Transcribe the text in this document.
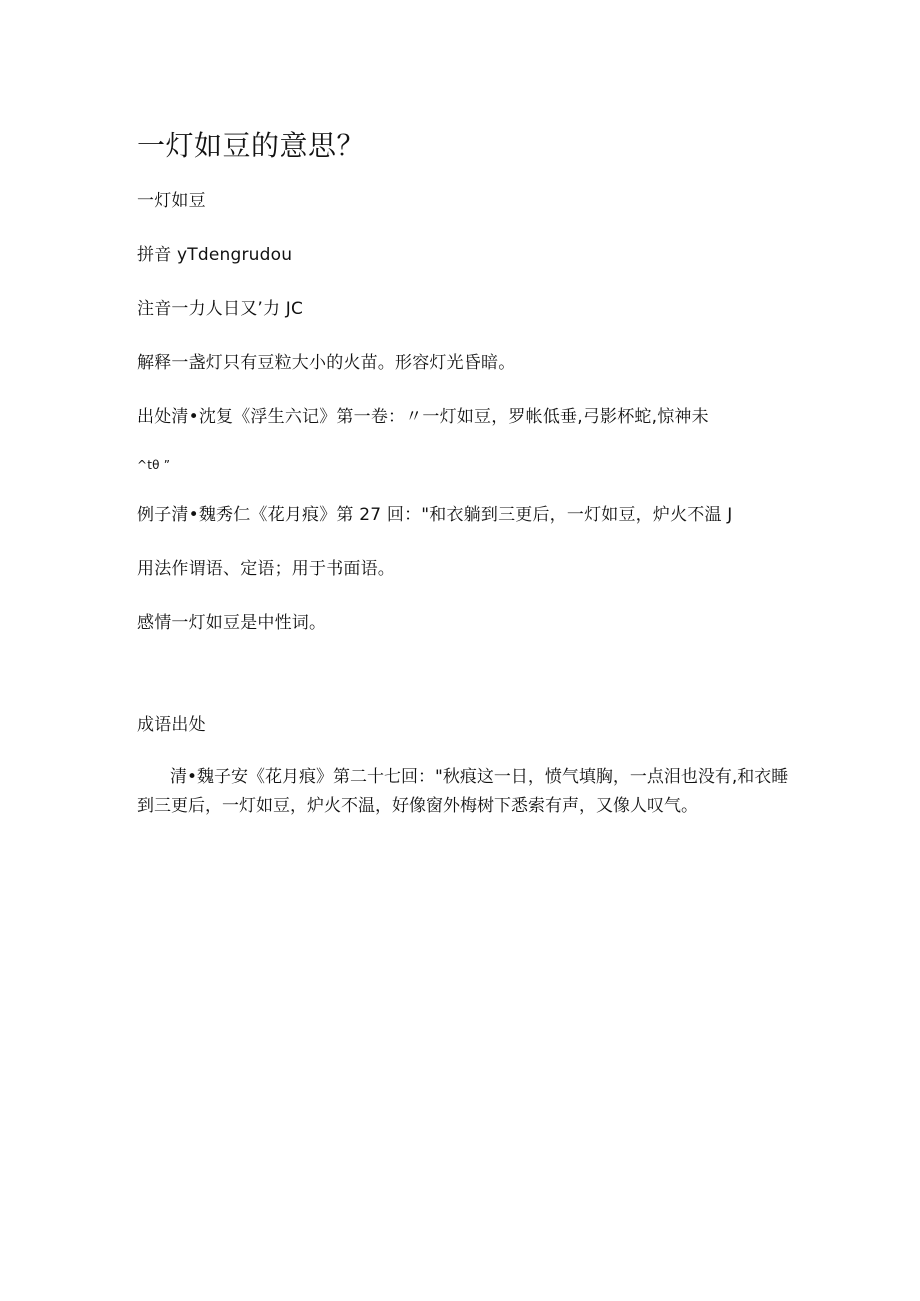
一灯如豆的意思？
一灯如豆
拼音 yTdengrudou
注音一力人日又’力 JC
解释一盏灯只有豆粒大小的火苗。形容灯光昏暗。
出处清•沈复《浮生六记》第一卷：〃一灯如豆，罗帐低垂,弓影杯蛇,惊神未
^tθ ”
例子清•魏秀仁《花月痕》第 27 回："和衣躺到三更后，一灯如豆，炉火不温 J
用法作谓语、定语；用于书面语。
感情一灯如豆是中性词。
成语出处
清•魏子安《花月痕》第二十七回："秋痕这一日，愤气填胸，一点泪也没有,和衣睡到三更后，一灯如豆，炉火不温，好像窗外梅树下悉索有声，又像人叹气。
